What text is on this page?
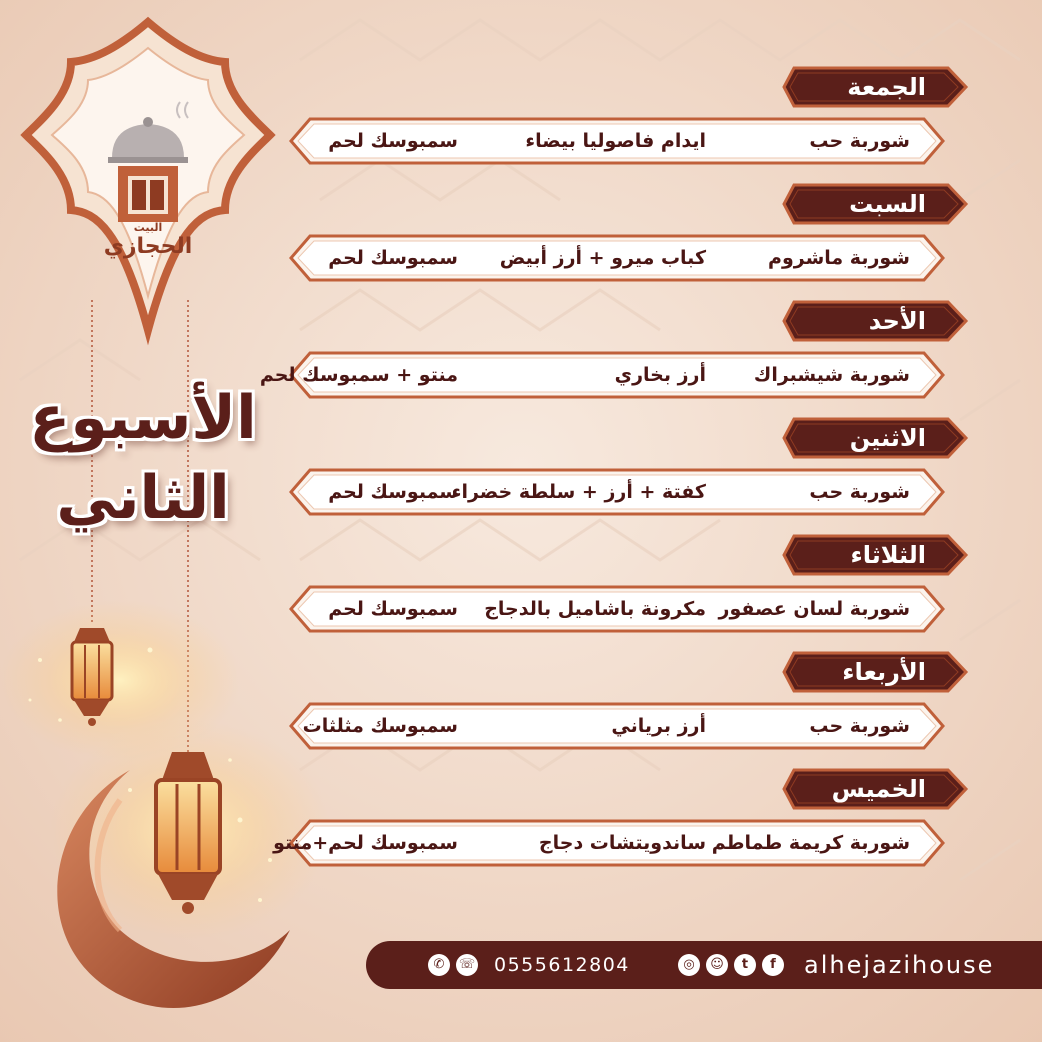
البيت
الحجازي
الأسبوع
الثاني
الجمعة
شوربة حب
ايدام فاصوليا بيضاء
سمبوسك لحم
السبت
شوربة ماشروم
كباب ميرو + أرز أبيض
سمبوسك لحم
الأحد
شوربة شيشبراك
أرز بخاري
منتو + سمبوسك لحم
الاثنين
شوربة حب
كفتة + أرز + سلطة خضراء
سمبوسك لحم
الثلاثاء
شوربة لسان عصفور
مكرونة باشاميل بالدجاج
سمبوسك لحم
الأربعاء
شوربة حب
أرز برياني
سمبوسك مثلثات
الخميس
شوربة كريمة طماطم
ساندويتشات دجاج
سمبوسك لحم+منتو
✆	☏ 0555612804	◎	☺	t	f	alhejazihouse
